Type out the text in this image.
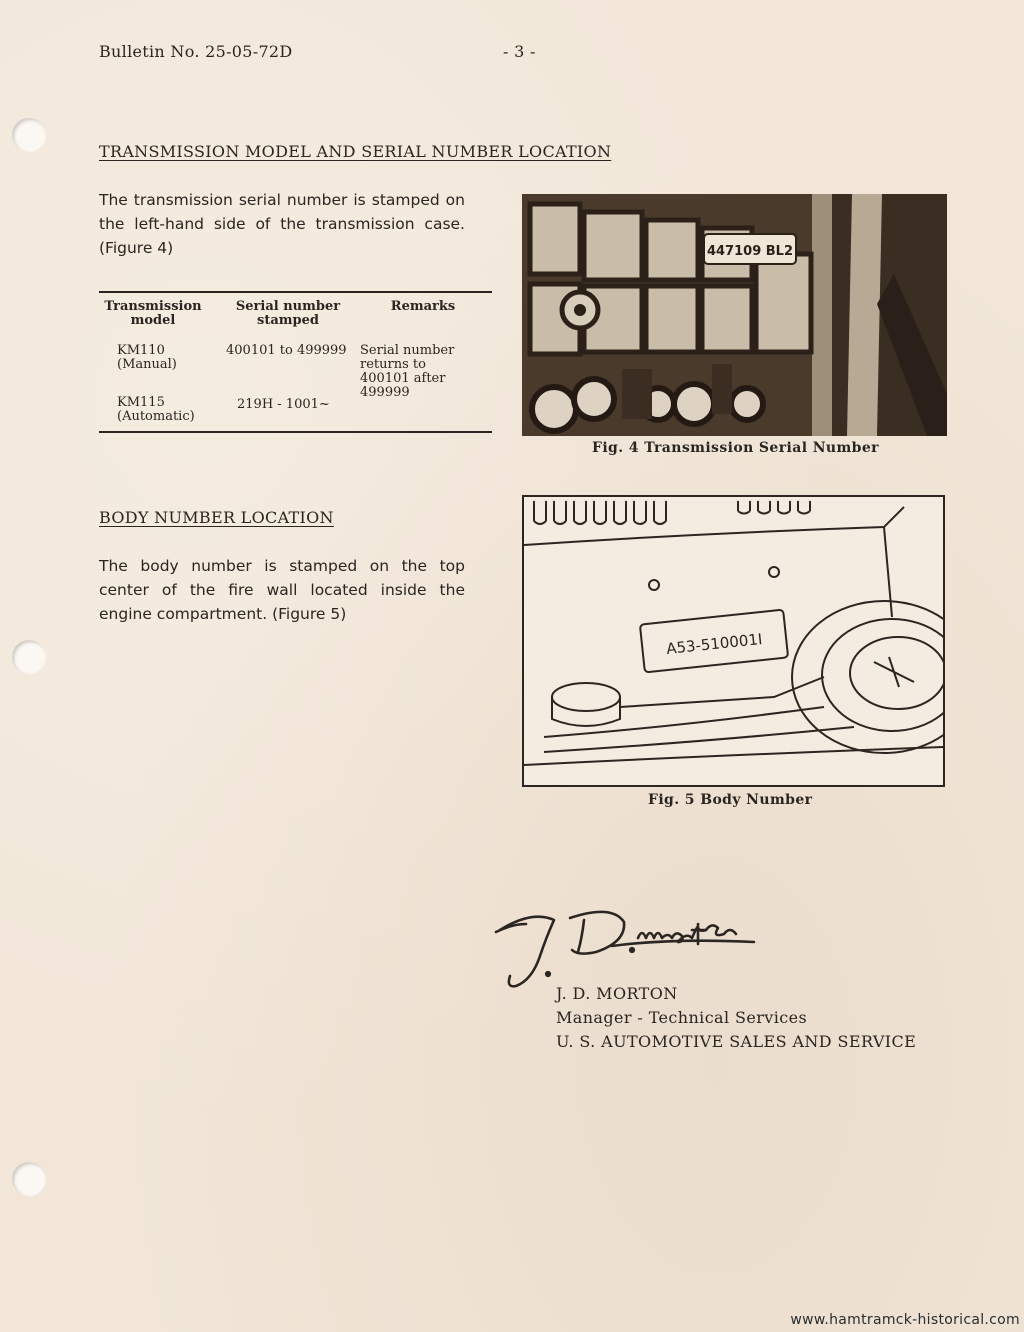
Bulletin No. 25-05-72D	- 3 -
TRANSMISSION MODEL AND SERIAL NUMBER LOCATION
The transmission serial number is stamped on the left-hand side of the transmission case. (Figure 4)
Transmission model
Serial number stamped
Remarks
KM110
(Manual)
400101 to 499999 Serial number returns to 400101 after 499999
KM115
(Automatic)
219H - 1001~
447109 BL2
Fig. 4 Transmission Serial Number
BODY NUMBER LOCATION
The body number is stamped on the top center of the fire wall located inside the engine compartment. (Figure 5)
A53-510001I
Fig. 5 Body Number
J. D. MORTON
Manager - Technical Services
U. S. AUTOMOTIVE SALES AND SERVICE
www.hamtramck-historical.com
